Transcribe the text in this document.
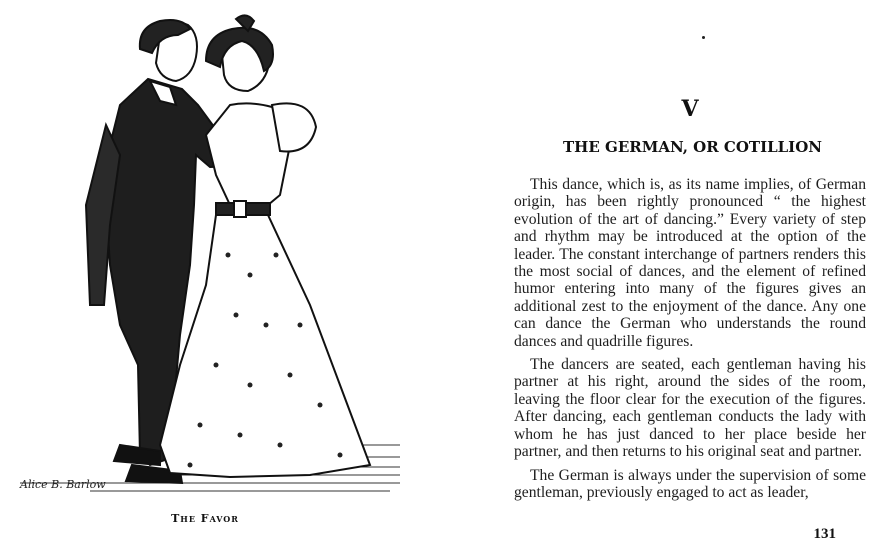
Alice B. Barlow
The Favor
V
THE GERMAN, OR COTILLION

This dance, which is, as its name implies, of German origin, has been rightly pronounced “ the highest evolution of the art of dancing.” Every variety of step and rhythm may be introduced at the option of the leader. The constant interchange of partners renders this the most social of dances, and the element of refined humor entering into many of the figures gives an additional zest to the enjoyment of the dance. Any one can dance the German who understands the round dances and quadrille figures.

The dancers are seated, each gentleman having his partner at his right, around the sides of the room, leaving the floor clear for the execution of the figures. After dancing, each gentleman conducts the lady with whom he has just danced to her place beside her partner, and then returns to his original seat and partner.

The German is always under the supervision of some gentleman, previously engaged to act as leader,

131
